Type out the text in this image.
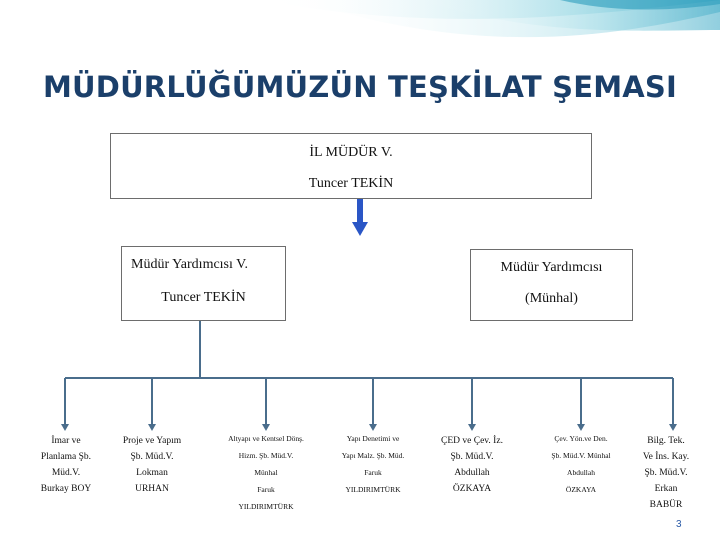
MÜDÜRLÜĞÜMÜZÜN TEŞKİLAT ŞEMASI
İL MÜDÜR V.
Tuncer TEKİN
Müdür Yardımcısı V.
Tuncer TEKİN
Müdür Yardımcısı
(Münhal)
İmar ve
Planlama Şb.
Müd.V.
Burkay BOY
Proje ve Yapım
Şb. Müd.V.
Lokman
URHAN
Altyapı ve Kentsel Dönş.
Hizm. Şb. Müd.V.
Münhal
Faruk
YILDIRIMTÜRK
Yapı Denetimi ve
Yapı Malz. Şb. Müd.
Faruk
YILDIRIMTÜRK
ÇED ve Çev. İz.
Şb. Müd.V.
Abdullah
ÖZKAYA
Çev. Yön.ve Den.
Şb. Müd.V. Münhal
Abdullah
ÖZKAYA
Bilg. Tek.
Ve İns. Kay.
Şb. Müd.V.
Erkan
BABÜR
3
